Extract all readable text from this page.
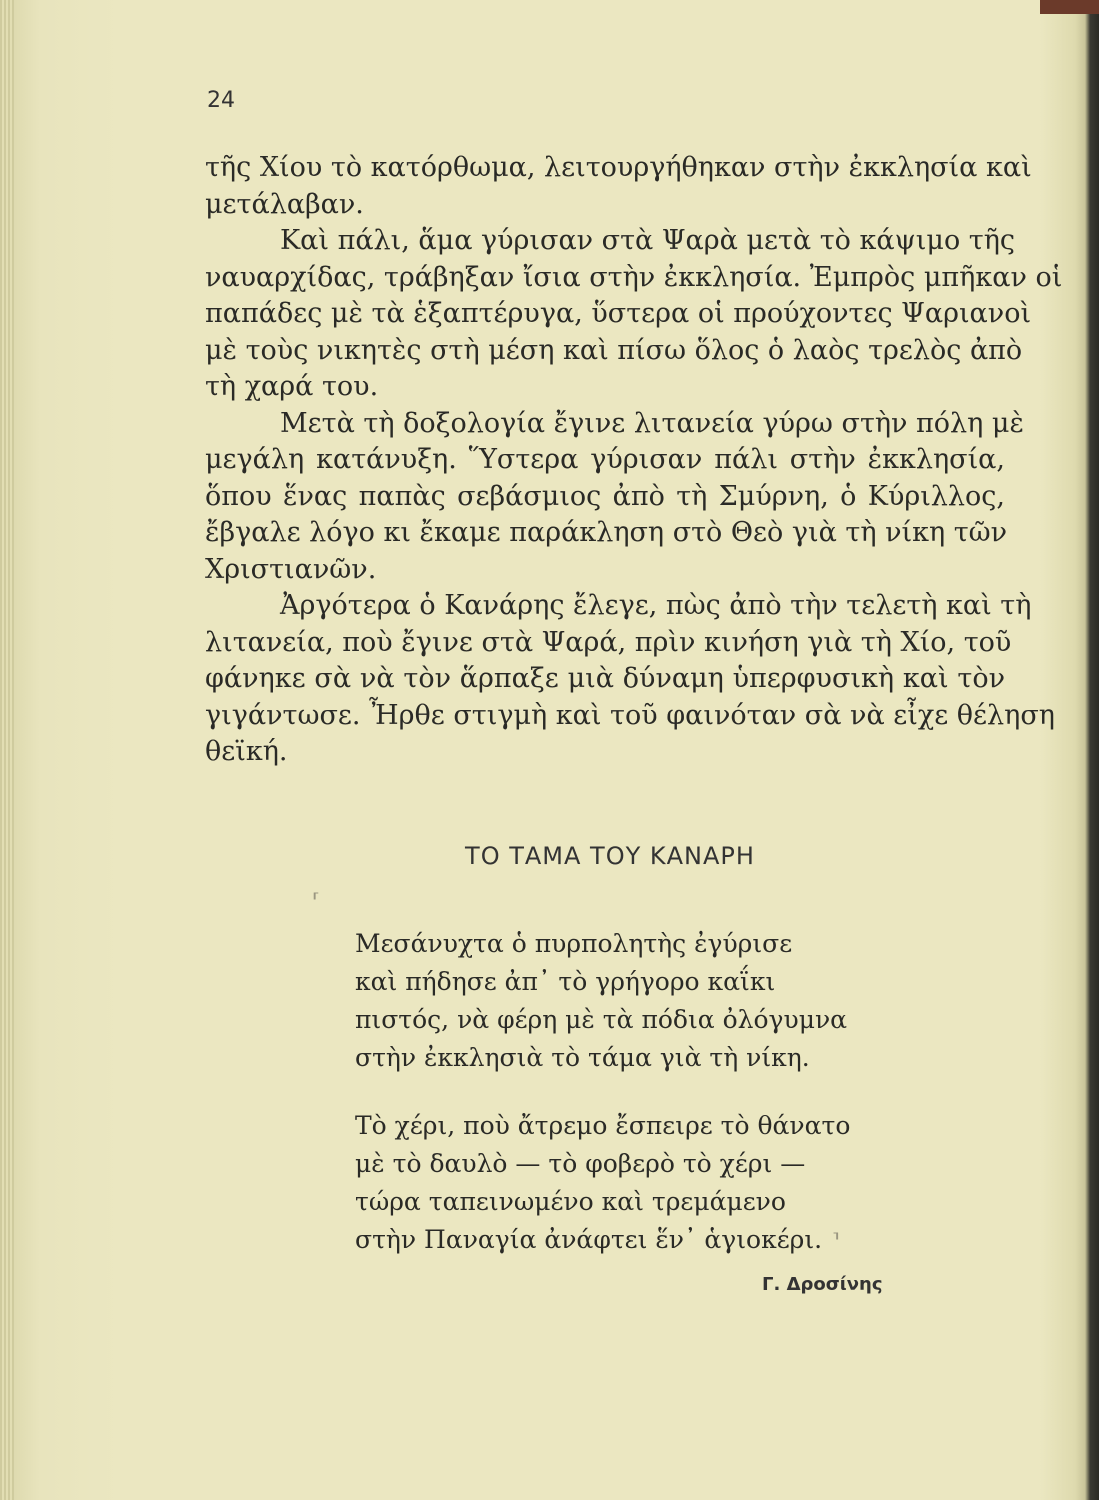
24
τῆς Χίου τὸ κατόρθωμα, λειτουργήθηκαν στὴν ἐκκλησία καὶ
μετάλαβαν.
Καὶ πάλι, ἅμα γύρισαν στὰ Ψαρὰ μετὰ τὸ κάψιμο τῆς
ναυαρχίδας, τράβηξαν ἴσια στὴν ἐκκλησία. Ἐμπρὸς μπῆκαν οἱ
παπάδες μὲ τὰ ἑξαπτέρυγα, ὕστερα οἱ προύχοντες Ψαριανοὶ
μὲ τοὺς νικητὲς στὴ μέση καὶ πίσω ὅλος ὁ λαὸς τρελὸς ἀπὸ
τὴ χαρά του.
Μετὰ τὴ δοξολογία ἔγινε λιτανεία γύρω στὴν πόλη μὲ
μεγάλη κατάνυξη. Ὕστερα γύρισαν πάλι στὴν ἐκκλησία,
ὅπου ἕνας παπὰς σεβάσμιος ἀπὸ τὴ Σμύρνη, ὁ Κύριλλος,
ἔβγαλε λόγο κι ἔκαμε παράκληση στὸ Θεὸ γιὰ τὴ νίκη τῶν
Χριστιανῶν.
Ἀργότερα ὁ Κανάρης ἔλεγε, πὼς ἀπὸ τὴν τελετὴ καὶ τὴ
λιτανεία, ποὺ ἔγινε στὰ Ψαρά, πρὶν κινήση γιὰ τὴ Χίο, τοῦ
φάνηκε σὰ νὰ τὸν ἅρπαξε μιὰ δύναμη ὑπερφυσικὴ καὶ τὸν
γιγάντωσε. Ἦρθε στιγμὴ καὶ τοῦ φαινόταν σὰ νὰ εἶχε θέληση
θεϊκή.
ΤΟ ΤΑΜΑ ΤΟΥ ΚΑΝΑΡΗ
⸢
Μεσάνυχτα ὁ πυρπολητὴς ἐγύρισε
καὶ πήδησε ἀπ᾿ τὸ γρήγορο καΐκι
πιστός, νὰ φέρη μὲ τὰ πόδια ὀλόγυμνα
στὴν ἐκκλησιὰ τὸ τάμα γιὰ τὴ νίκη.
Τὸ χέρι, ποὺ ἄτρεμο ἔσπειρε τὸ θάνατο
μὲ τὸ δαυλὸ — τὸ φοβερὸ τὸ χέρι —
τώρα ταπεινωμένο καὶ τρεμάμενο
στὴν Παναγία ἀνάφτει ἕν᾿ ἁγιοκέρι. ⸣
Γ. Δροσίνης
